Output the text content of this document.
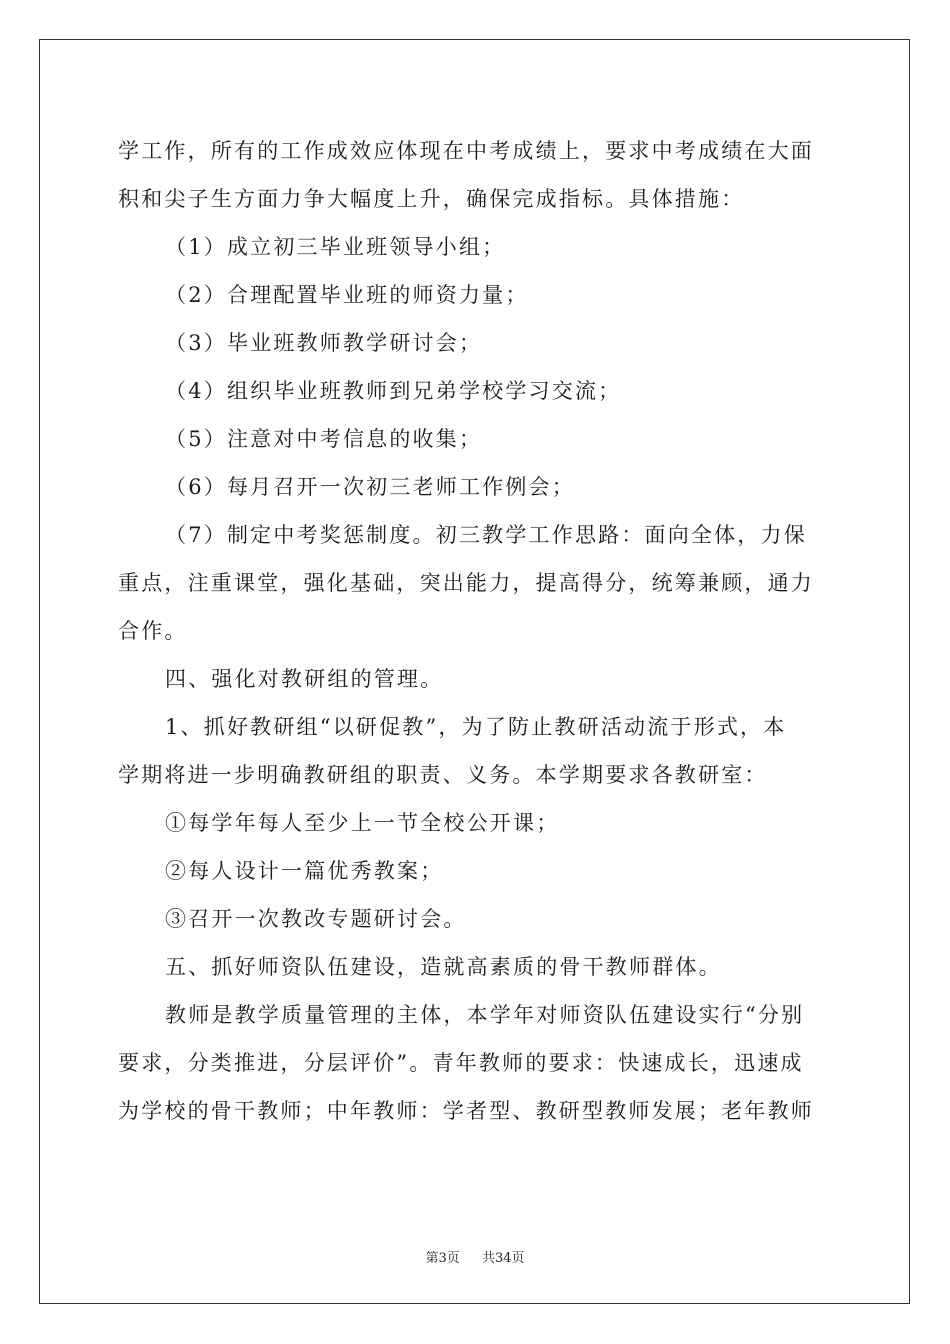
学工作，所有的工作成效应体现在中考成绩上，要求中考成绩在大面

积和尖子生方面力争大幅度上升，确保完成指标。具体措施：

（1）成立初三毕业班领导小组；

（2）合理配置毕业班的师资力量；

（3）毕业班教师教学研讨会；

（4）组织毕业班教师到兄弟学校学习交流；

（5）注意对中考信息的收集；

（6）每月召开一次初三老师工作例会；

（7）制定中考奖惩制度。初三教学工作思路：面向全体，力保

重点，注重课堂，强化基础，突出能力，提高得分，统筹兼顾，通力

合作。

四、强化对教研组的管理。

1、抓好教研组“以研促教”，为了防止教研活动流于形式，本

学期将进一步明确教研组的职责、义务。本学期要求各教研室：

①每学年每人至少上一节全校公开课；

②每人设计一篇优秀教案；

③召开一次教改专题研讨会。

五、抓好师资队伍建设，造就高素质的骨干教师群体。

教师是教学质量管理的主体，本学年对师资队伍建设实行“分别

要求，分类推进，分层评价”。青年教师的要求：快速成长，迅速成

为学校的骨干教师；中年教师：学者型、教研型教师发展；老年教师

第3页 共34页
